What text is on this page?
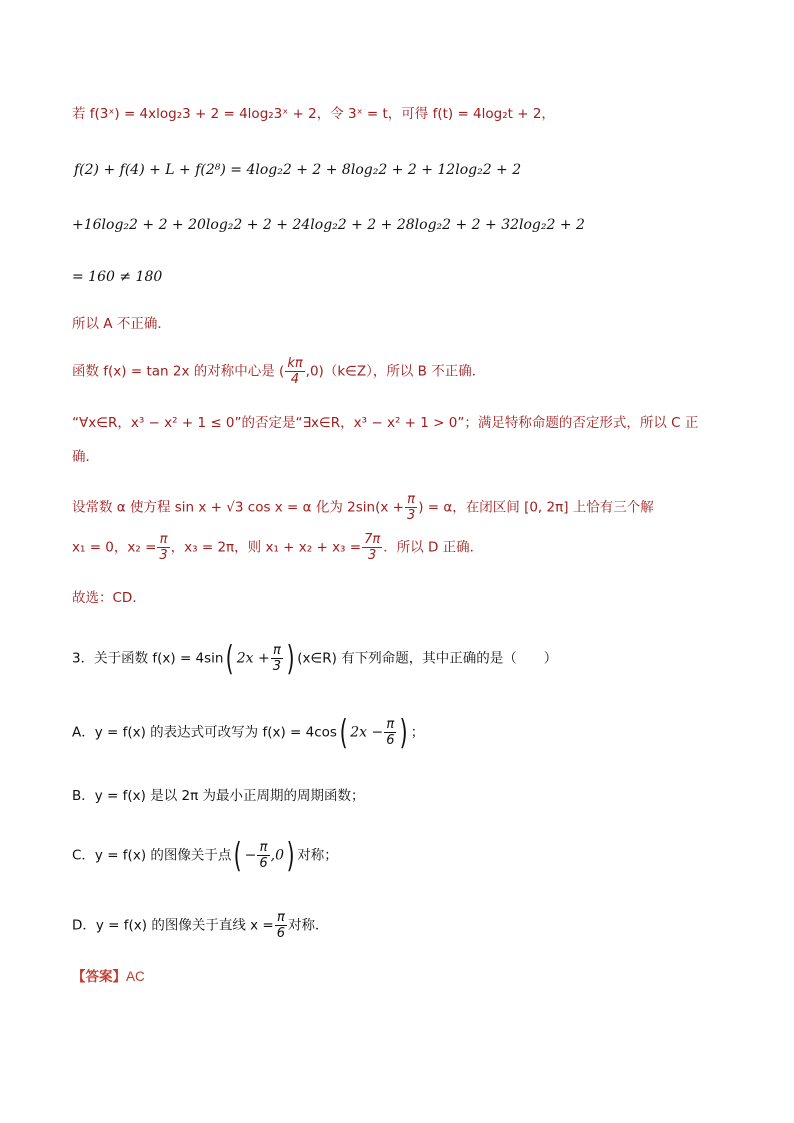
若 f(3ˣ) = 4xlog₂3 + 2 = 4log₂3ˣ + 2，令 3ˣ = t，可得 f(t) = 4log₂t + 2，
f(2) + f(4) + L + f(2⁸) = 4log₂2 + 2 + 8log₂2 + 2 + 12log₂2 + 2
+16log₂2 + 2 + 20log₂2 + 2 + 24log₂2 + 2 + 28log₂2 + 2 + 32log₂2 + 2
= 160 ≠ 180
所以 A 不正确．
函数 f(x) = tan 2x 的对称中心是 ( $\frac{k\pi}{4}$ ,0)（k∈Z），所以 B 不正确．
“∀x∈R，x³ − x² + 1 ≤ 0”的否定是“∃x∈R，x³ − x² + 1 > 0”；满足特称命题的否定形式，所以 C 正
确．
设常数 α 使方程 sin x + √3 cos x = α 化为 $2\sin(x + \frac{\pi}{3}$ ) = α，在闭区间 [0, 2π] 上恰有三个解
x₁ = 0，$x_2 = \frac{\pi}{3}$ ，x₃ = 2π，则 $x_1 + x_2 + x_3 = \frac{7\pi}{3}$ ．所以 D 正确．
故选：CD．
3．关于函数 f(x) = 4sin( $2x + \frac{\pi}{3}$ ) (x∈R) 有下列命题，其中正确的是（　　）
A．y = f(x) 的表达式可改写为 f(x) = 4cos( $2x - \frac{\pi}{6}$ ) ；
B．y = f(x) 是以 2π 为最小正周期的周期函数；
C．y = f(x) 的图像关于点( − $\frac{\pi}{6} ,0$) 对称；
D．y = f(x) 的图像关于直线 $x = \frac{\pi}{6}$ 对称．
【答案】AC
